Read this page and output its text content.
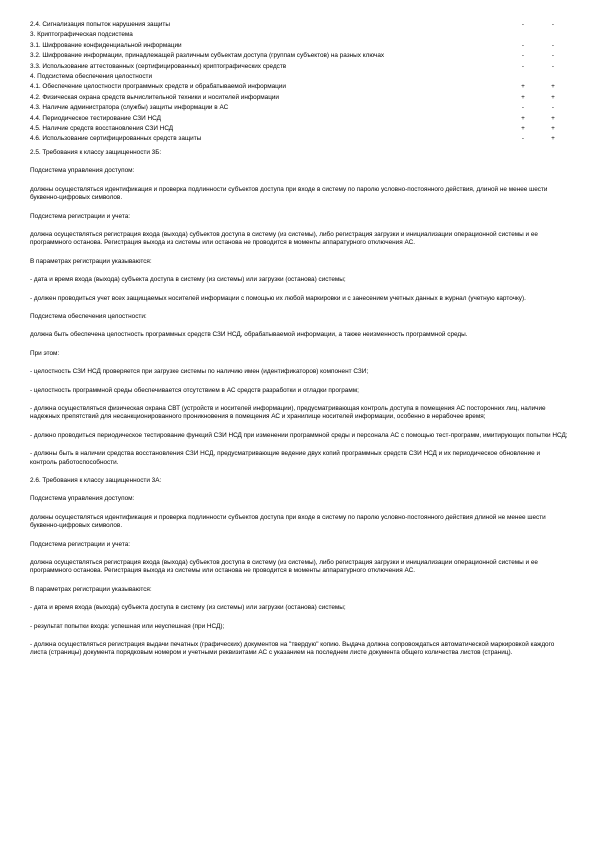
2.4. Сигнализация попыток нарушения защиты	-	-
3. Криптографическая подсистема		
3.1. Шифрование конфиденциальной информации	-	-
3.2. Шифрование информации, принадлежащей различным субъектам доступа (группам субъектов) на разных ключах	-	-
3.3. Использование аттестованных (сертифицированных) криптографических средств	-	-
4. Подсистема обеспечения целостности		
4.1. Обеспечение целостности программных средств и обрабатываемой информации	+	+
4.2. Физическая охрана средств вычислительной техники и носителей информации	+	+
4.3. Наличие администратора (службы) защиты информации в АС	-	-
4.4. Периодическое тестирование СЗИ НСД	+	+
4.5. Наличие средств восстановления СЗИ НСД	+	+
4.6. Использование сертифицированных средств защиты	-	+

2.5. Требования к классу защищенности 3Б:

Подсистема управления доступом:

должны осуществляться идентификация и проверка подлинности субъектов доступа при входе в систему по паролю условно-постоянного действия, длиной не менее шести буквенно-цифровых символов.

Подсистема регистрации и учета:

должна осуществляться регистрация входа (выхода) субъектов доступа в систему (из системы), либо регистрация загрузки и инициализации операционной системы и ее программного останова. Регистрация выхода из системы или останова не проводится в моменты аппаратурного отключения АС.

В параметрах регистрации указываются:

- дата и время входа (выхода) субъекта доступа в систему (из системы) или загрузки (останова) системы;

- должен проводиться учет всех защищаемых носителей информации с помощью их любой маркировки и с занесением учетных данных в журнал (учетную карточку).

Подсистема обеспечения целостности:

должна быть обеспечена целостность программных средств СЗИ НСД, обрабатываемой информации, а также неизменность программной среды.

При этом:

- целостность СЗИ НСД проверяется при загрузке системы по наличию имен (идентификаторов) компонент СЗИ;

- целостность программной среды обеспечивается отсутствием в АС средств разработки и отладки программ;

- должна осуществляться физическая охрана СВТ (устройств и носителей информации), предусматривающая контроль доступа в помещения АС посторонних лиц, наличие надежных препятствий для несанкционированного проникновения в помещения АС и хранилище носителей информации, особенно в нерабочее время;

- должно проводиться периодическое тестирование функций СЗИ НСД при изменении программной среды и персонала АС с помощью тест-программ, имитирующих попытки НСД;

- должны быть в наличии средства восстановления СЗИ НСД, предусматривающие ведение двух копий программных средств СЗИ НСД и их периодическое обновление и контроль работоспособности.

2.6. Требования к классу защищенности 3А:

Подсистема управления доступом:

должны осуществляться идентификация и проверка подлинности субъектов доступа при входе в систему по паролю условно-постоянного действия длиной не менее шести буквенно-цифровых символов.

Подсистема регистрации и учета:

должна осуществляться регистрация входа (выхода) субъектов доступа в систему (из системы), либо регистрация загрузки и инициализации операционной системы и ее программного останова. Регистрация выхода из системы или останова не проводится в моменты аппаратурного отключения АС.

В параметрах регистрации указываются:

- дата и время входа (выхода) субъекта доступа в систему (из системы) или загрузки (останова) системы;

- результат попытки входа: успешная или неуспешная (при НСД);

- должна осуществляться регистрация выдачи печатных (графических) документов на "твердую" копию. Выдача должна сопровождаться автоматической маркировкой каждого листа (страницы) документа порядковым номером и учетными реквизитами АС с указанием на последнем листе документа общего количества листов (страниц).
